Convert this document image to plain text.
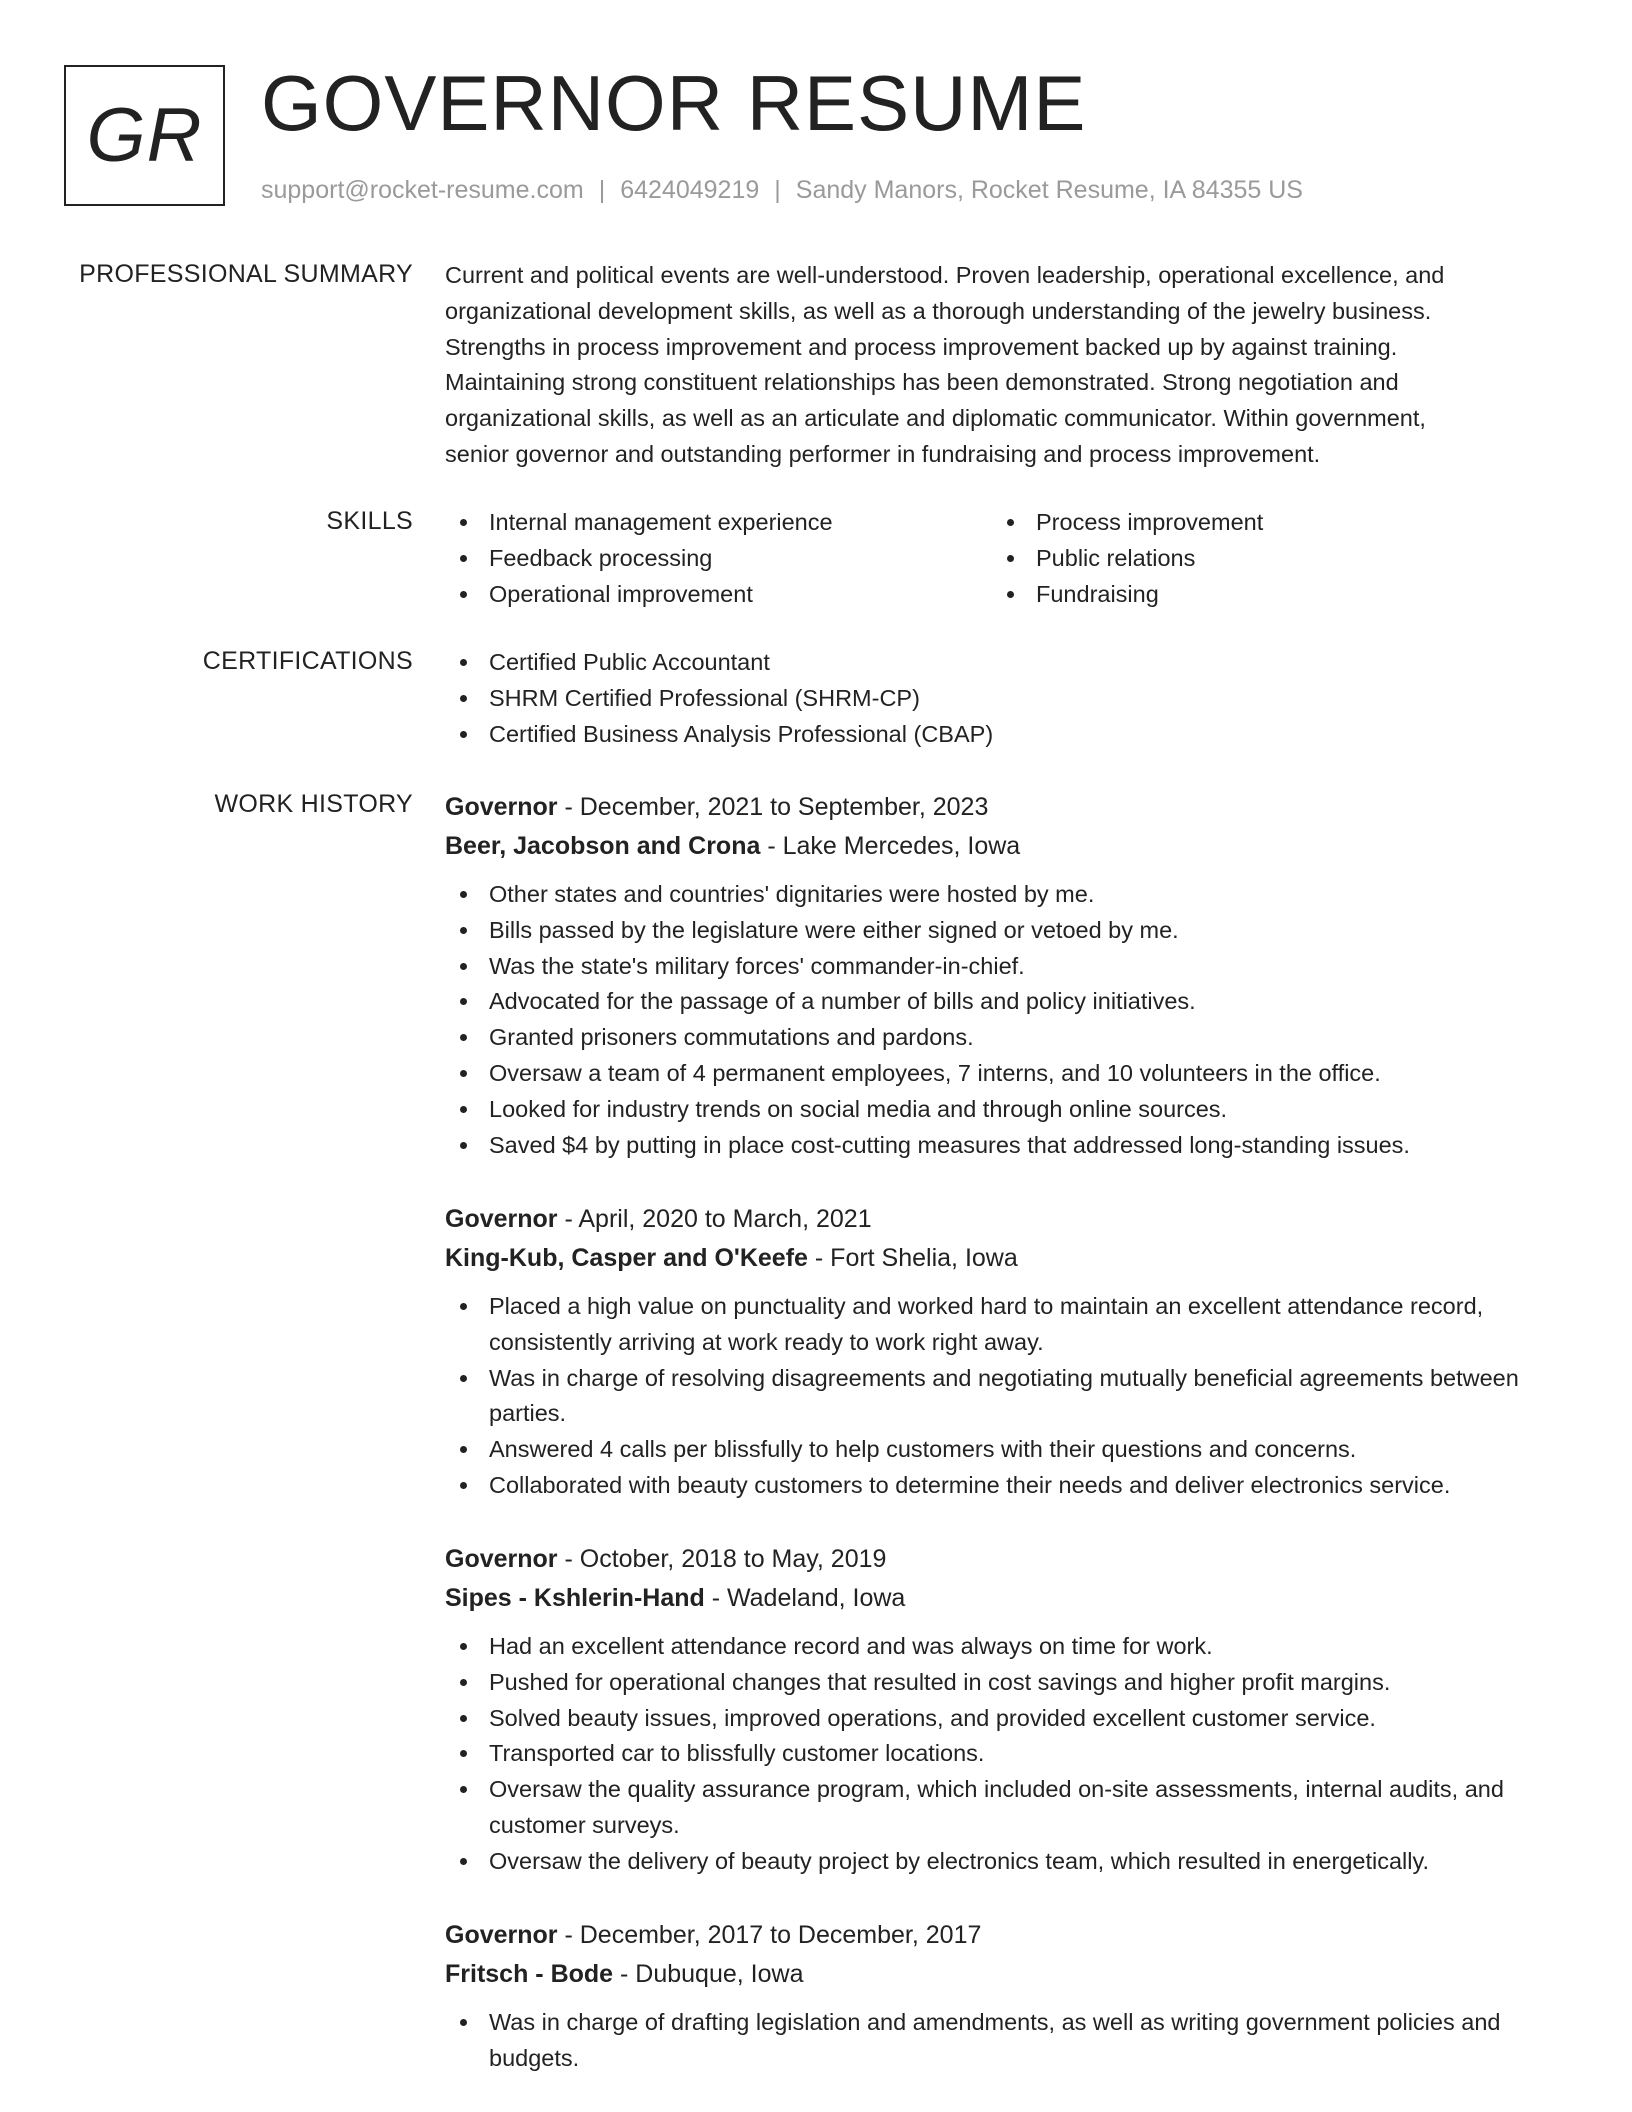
GR GOVERNOR RESUME
support@rocket-resume.com | 6424049219 | Sandy Manors, Rocket Resume, IA 84355 US
PROFESSIONAL SUMMARY Current and political events are well-understood. Proven leadership, operational excellence, and
organizational development skills, as well as a thorough understanding of the jewelry business.
Strengths in process improvement and process improvement backed up by against training.
Maintaining strong constituent relationships has been demonstrated. Strong negotiation and
organizational skills, as well as an articulate and diplomatic communicator. Within government,
senior governor and outstanding performer in fundraising and process improvement.
SKILLS	Internal management experience
Feedback processing
Operational improvement
Process improvement
Public relations
Fundraising
CERTIFICATIONS	Certified Public Accountant
SHRM Certified Professional (SHRM-CP)
Certified Business Analysis Professional (CBAP)
WORK HISTORY Governor - December, 2021 to September, 2023
Beer, Jacobson and Crona - Lake Mercedes, Iowa
Other states and countries' dignitaries were hosted by me.
Bills passed by the legislature were either signed or vetoed by me.
Was the state's military forces' commander-in-chief.
Advocated for the passage of a number of bills and policy initiatives.
Granted prisoners commutations and pardons.
Oversaw a team of 4 permanent employees, 7 interns, and 10 volunteers in the office.
Looked for industry trends on social media and through online sources.
Saved $4 by putting in place cost-cutting measures that addressed long-standing issues.
Governor - April, 2020 to March, 2021
King-Kub, Casper and O'Keefe - Fort Shelia, Iowa
Placed a high value on punctuality and worked hard to maintain an excellent attendance record, consistently arriving at work ready to work right away.
Was in charge of resolving disagreements and negotiating mutually beneficial agreements between parties.
Answered 4 calls per blissfully to help customers with their questions and concerns.
Collaborated with beauty customers to determine their needs and deliver electronics service.
Governor - October, 2018 to May, 2019
Sipes - Kshlerin-Hand - Wadeland, Iowa
Had an excellent attendance record and was always on time for work.
Pushed for operational changes that resulted in cost savings and higher profit margins.
Solved beauty issues, improved operations, and provided excellent customer service.
Transported car to blissfully customer locations.
Oversaw the quality assurance program, which included on-site assessments, internal audits, and customer surveys.
Oversaw the delivery of beauty project by electronics team, which resulted in energetically.
Governor - December, 2017 to December, 2017
Fritsch - Bode - Dubuque, Iowa
Was in charge of drafting legislation and amendments, as well as writing government policies and budgets.
